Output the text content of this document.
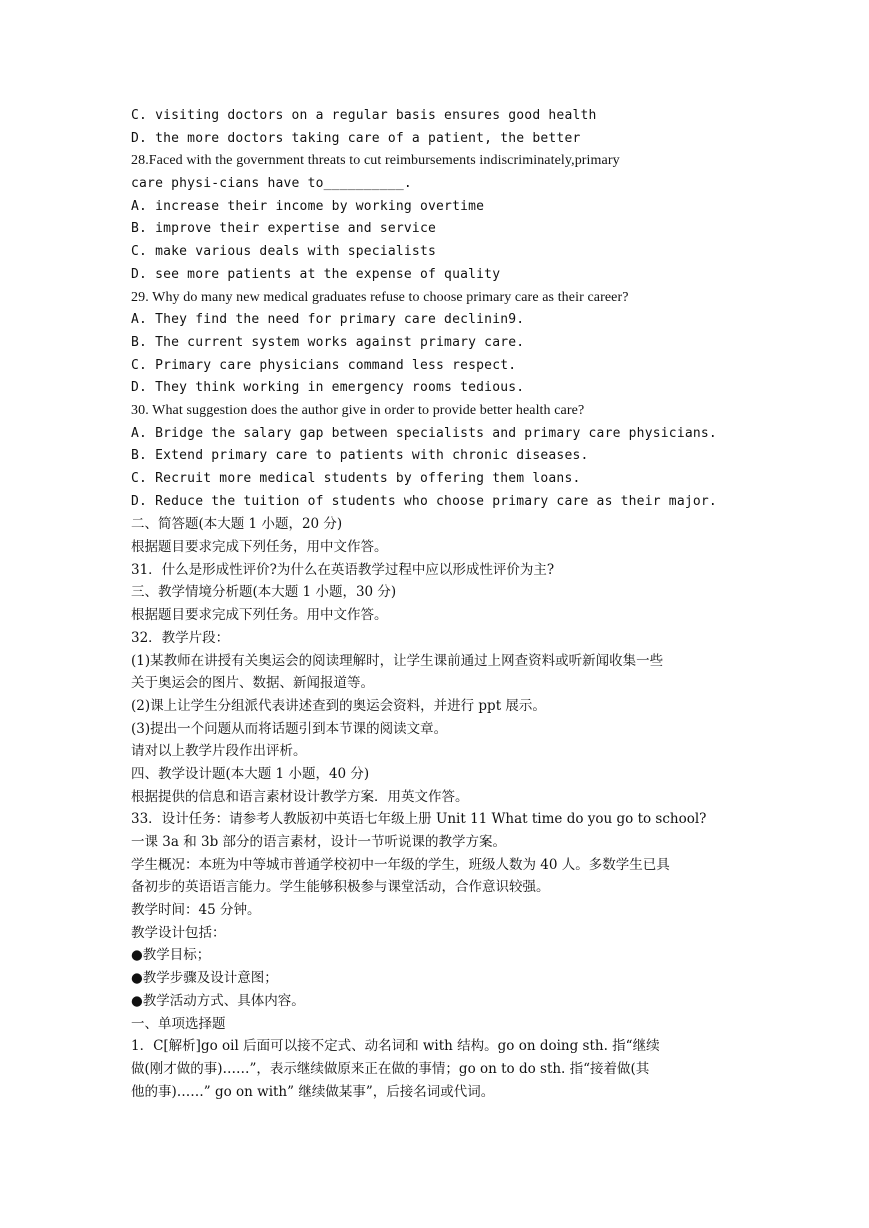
C. visiting doctors on a regular basis ensures good health
D. the more doctors taking care of a patient, the better
28.Faced with the government threats to cut reimbursements indiscriminately,primary
care physi-cians have to__________.
A. increase their income by working overtime
B. improve their expertise and service
C. make various deals with specialists
D. see more patients at the expense of quality
29. Why do many new medical graduates refuse to choose primary care as their career?
A. They find the need for primary care declinin9.
B. The current system works against primary care.
C. Primary care physicians command less respect.
D. They think working in emergency rooms tedious.
30. What suggestion does the author give in order to provide better health care?
A. Bridge the salary gap between specialists and primary care physicians.
B. Extend primary care to patients with chronic diseases.
C. Recruit more medical students by offering them loans.
D. Reduce the tuition of students who choose primary care as their major.
二、简答题(本大题 1 小题，20 分)
根据题目要求完成下列任务，用中文作答。
31．什么是形成性评价?为什么在英语教学过程中应以形成性评价为主?
三、教学情境分析题(本大题 1 小题，30 分)
根据题目要求完成下列任务。用中文作答。
32．教学片段：
(1)某教师在讲授有关奥运会的阅读理解时，让学生课前通过上网查资料或听新闻收集一些
关于奥运会的图片、数据、新闻报道等。
(2)课上让学生分组派代表讲述查到的奥运会资料，并进行 ppt 展示。
(3)提出一个问题从而将话题引到本节课的阅读文章。
请对以上教学片段作出评析。
四、教学设计题(本大题 1 小题，40 分)
根据提供的信息和语言素材设计教学方案．用英文作答。
33．设计任务：请参考人教版初中英语七年级上册 Unit 11 What time do you go to school?
一课 3a 和 3b 部分的语言素材，设计一节听说课的教学方案。
学生概况：本班为中等城市普通学校初中一年级的学生，班级人数为 40 人。多数学生已具
备初步的英语语言能力。学生能够积极参与课堂活动，合作意识较强。
教学时间：45 分钟。
教学设计包括：
●教学目标；
●教学步骤及设计意图；
●教学活动方式、具体内容。
一、单项选择题
1．C[解析]go oil 后面可以接不定式、动名词和 with 结构。go on doing sth. 指“继续
做(刚才做的事)……”，表示继续做原来正在做的事情；go on to do sth. 指“接着做(其
他的事)……” go on with” 继续做某事”，后接名词或代词。
